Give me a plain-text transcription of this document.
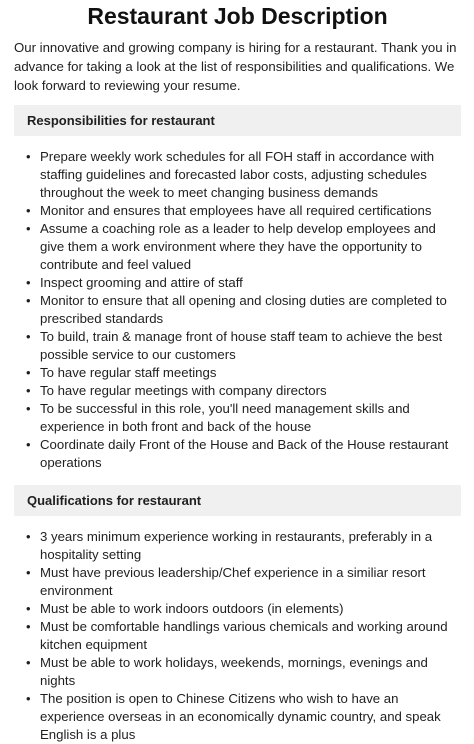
Restaurant Job Description

Our innovative and growing company is hiring for a restaurant. Thank you in advance for taking a look at the list of responsibilities and qualifications. We look forward to reviewing your resume.

Responsibilities for restaurant
• Prepare weekly work schedules for all FOH staff in accordance with staffing guidelines and forecasted labor costs, adjusting schedules throughout the week to meet changing business demands
• Monitor and ensures that employees have all required certifications
• Assume a coaching role as a leader to help develop employees and give them a work environment where they have the opportunity to contribute and feel valued
• Inspect grooming and attire of staff
• Monitor to ensure that all opening and closing duties are completed to prescribed standards
• To build, train & manage front of house staff team to achieve the best possible service to our customers
• To have regular staff meetings
• To have regular meetings with company directors
• To be successful in this role, you'll need management skills and experience in both front and back of the house
• Coordinate daily Front of the House and Back of the House restaurant operations
Qualifications for restaurant
• 3 years minimum experience working in restaurants, preferably in a hospitality setting
• Must have previous leadership/Chef experience in a similiar resort environment
• Must be able to work indoors outdoors (in elements)
• Must be comfortable handlings various chemicals and working around kitchen equipment
• Must be able to work holidays, weekends, mornings, evenings and nights
• The position is open to Chinese Citizens who wish to have an experience overseas in an economically dynamic country, and speak English is a plus
